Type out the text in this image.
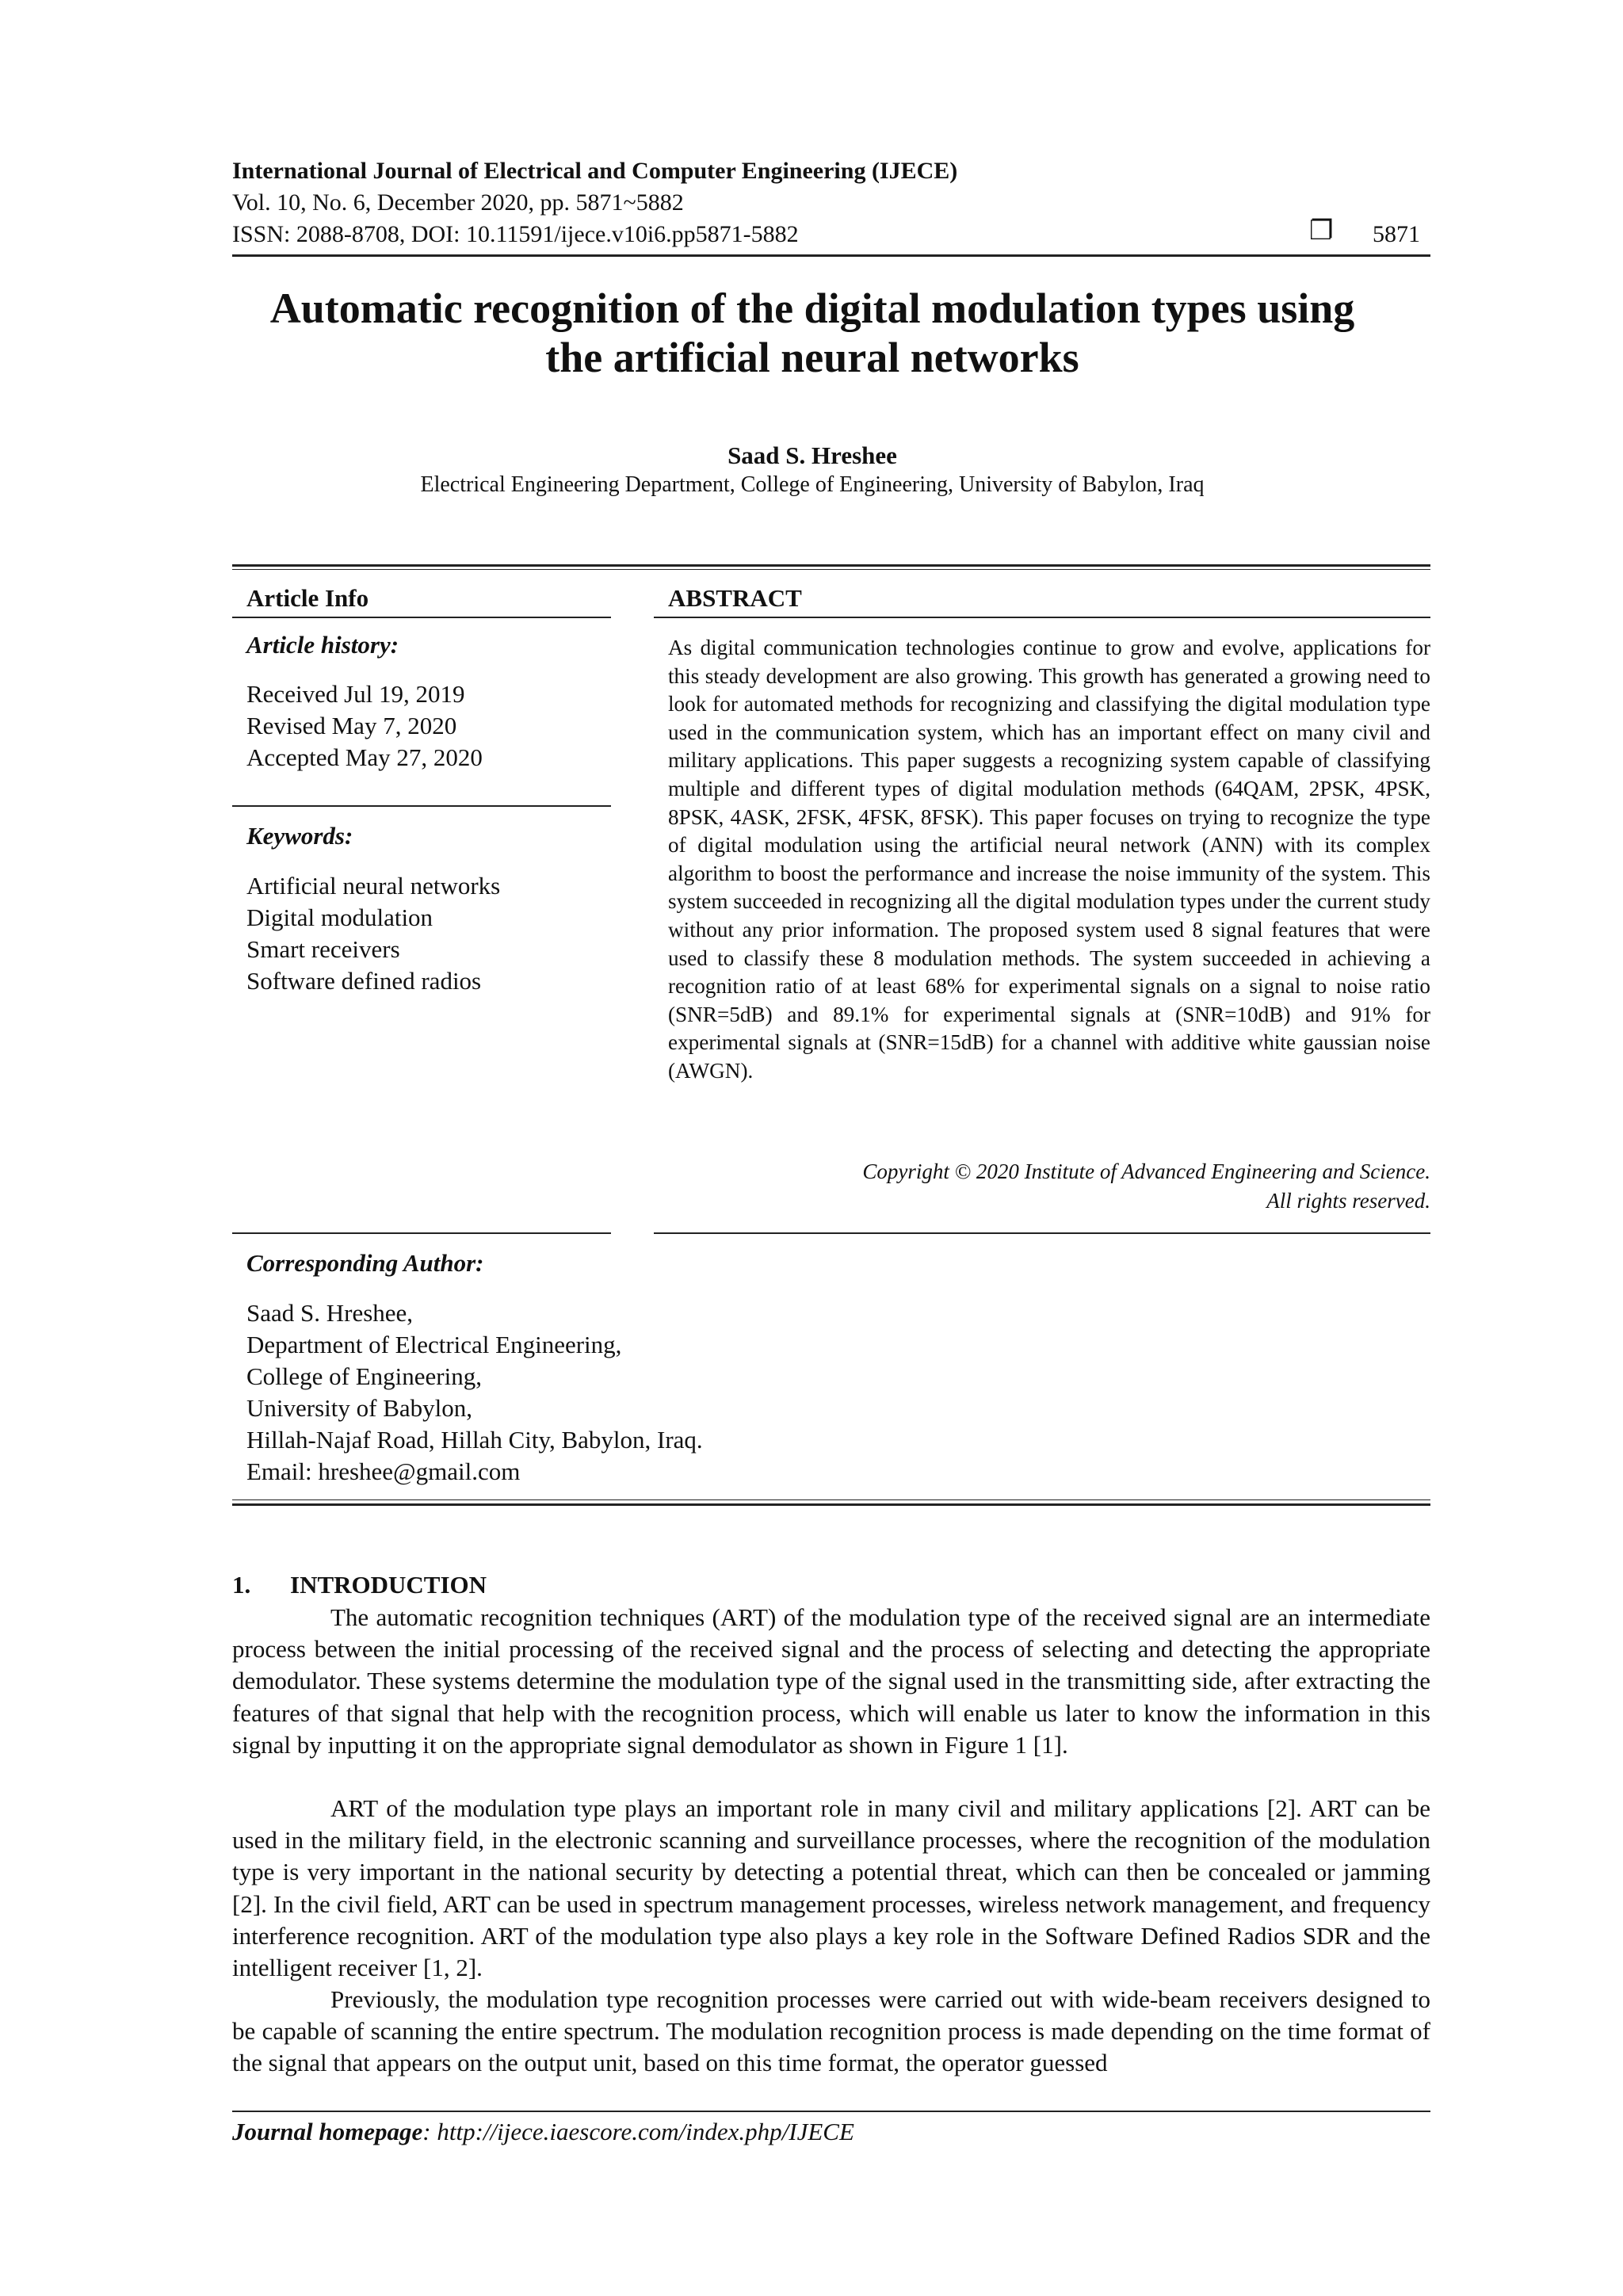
International Journal of Electrical and Computer Engineering (IJECE)
Vol. 10, No. 6, December 2020, pp. 5871~5882
ISSN: 2088-8708, DOI: 10.11591/ijece.v10i6.pp5871-5882	❐ 5871
Automatic recognition of the digital modulation types using
the artificial neural networks
Saad S. Hreshee
Electrical Engineering Department, College of Engineering, University of Babylon, Iraq
Article Info
Article history:
Received Jul 19, 2019
Revised May 7, 2020
Accepted May 27, 2020
Keywords:
Artificial neural networks
Digital modulation
Smart receivers
Software defined radios
ABSTRACT
As digital communication technologies continue to grow and evolve, applications for this steady development are also growing. This growth has generated a growing need to look for automated methods for recognizing and classifying the digital modulation type used in the communication system, which has an important effect on many civil and military applications. This paper suggests a recognizing system capable of classifying multiple and different types of digital modulation methods (64QAM, 2PSK, 4PSK, 8PSK, 4ASK, 2FSK, 4FSK, 8FSK). This paper focuses on trying to recognize the type of digital modulation using the artificial neural network (ANN) with its complex algorithm to boost the performance and increase the noise immunity of the system. This system succeeded in recognizing all the digital modulation types under the current study without any prior information. The proposed system used 8 signal features that were used to classify these 8 modulation methods. The system succeeded in achieving a recognition ratio of at least 68% for experimental signals on a signal to noise ratio (SNR=5dB) and 89.1% for experimental signals at (SNR=10dB) and 91% for experimental signals at (SNR=15dB) for a channel with additive white gaussian noise (AWGN).
Copyright © 2020 Institute of Advanced Engineering and Science.
All rights reserved.
Corresponding Author:
Saad S. Hreshee,
Department of Electrical Engineering,
College of Engineering,
University of Babylon,
Hillah-Najaf Road, Hillah City, Babylon, Iraq.
Email: hreshee@gmail.com
1. INTRODUCTION
The automatic recognition techniques (ART) of the modulation type of the received signal are an intermediate process between the initial processing of the received signal and the process of selecting and detecting the appropriate demodulator. These systems determine the modulation type of the signal used in the transmitting side, after extracting the features of that signal that help with the recognition process, which will enable us later to know the information in this signal by inputting it on the appropriate signal demodulator as shown in Figure 1 [1].
ART of the modulation type plays an important role in many civil and military applications [2]. ART can be used in the military field, in the electronic scanning and surveillance processes, where the recognition of the modulation type is very important in the national security by detecting a potential threat, which can then be concealed or jamming [2]. In the civil field, ART can be used in spectrum management processes, wireless network management, and frequency interference recognition. ART of the modulation type also plays a key role in the Software Defined Radios SDR and the intelligent receiver [1, 2].
Previously, the modulation type recognition processes were carried out with wide-beam receivers designed to be capable of scanning the entire spectrum. The modulation recognition process is made depending on the time format of the signal that appears on the output unit, based on this time format, the operator guessed
Journal homepage: http://ijece.iaescore.com/index.php/IJECE
